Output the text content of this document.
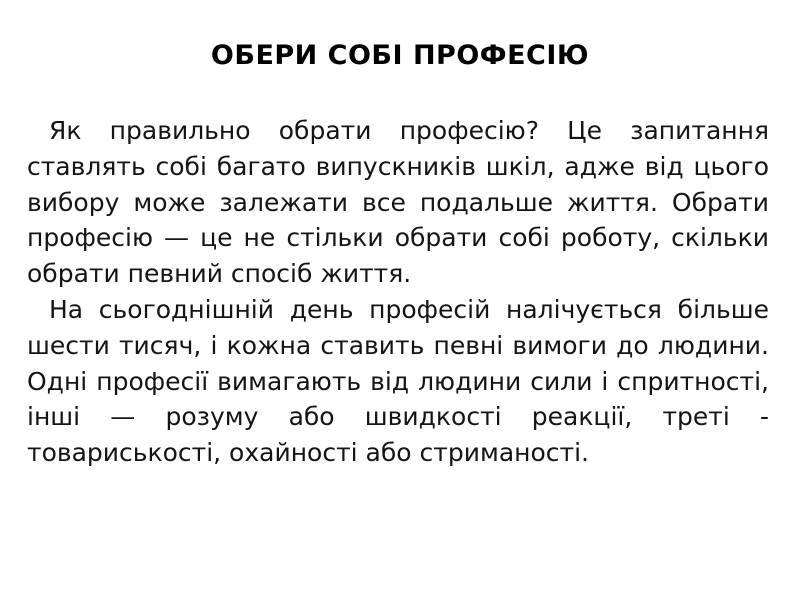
ОБЕРИ СОБІ ПРОФЕСІЮ

Як правильно обрати професію? Це запитання ставлять собі багато випускників шкіл, адже від цього вибору може залежати все подальше життя. Обрати професію — це не стільки обрати собі роботу, скільки обрати певний спосіб життя.

На сьогоднішній день професій налічується більше шести тисяч, і кожна ставить певні вимоги до людини. Одні професії вимагають від людини сили і спритності, інші — розуму або швидкості реакції, треті - товариськості, охайності або стриманості.
